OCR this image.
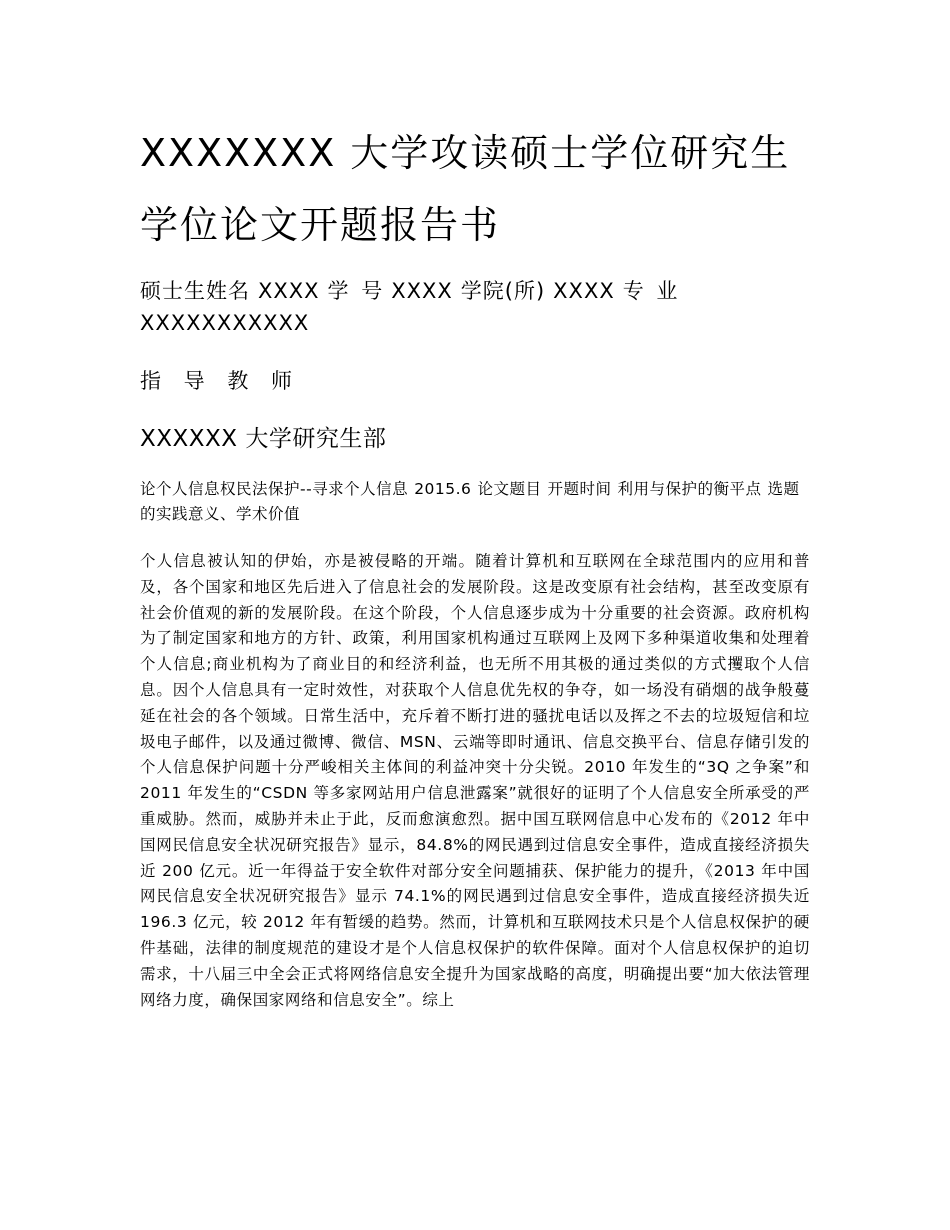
XXXXXXX 大学攻读硕士学位研究生
学位论文开题报告书
硕士生姓名 XXXX 学 号 XXXX 学院(所) XXXX 专 业
XXXXXXXXXXX
指 导 教 师
XXXXXX 大学研究生部
论个人信息权民法保护--寻求个人信息 2015.6 论文题目 开题时间 利用与保护的衡平点 选题的实践意义、学术价值

个人信息被认知的伊始，亦是被侵略的开端。随着计算机和互联网在全球范围内的应用和普及，各个国家和地区先后进入了信息社会的发展阶段。这是改变原有社会结构，甚至改变原有社会价值观的新的发展阶段。在这个阶段，个人信息逐步成为十分重要的社会资源。政府机构为了制定国家和地方的方针、政策，利用国家机构通过互联网上及网下多种渠道收集和处理着个人信息;商业机构为了商业目的和经济利益，也无所不用其极的通过类似的方式攫取个人信息。因个人信息具有一定时效性，对获取个人信息优先权的争夺，如一场没有硝烟的战争般蔓延在社会的各个领域。日常生活中，充斥着不断打进的骚扰电话以及挥之不去的垃圾短信和垃圾电子邮件，以及通过微博、微信、MSN、云端等即时通讯、信息交换平台、信息存储引发的个人信息保护问题十分严峻相关主体间的利益冲突十分尖锐。2010 年发生的“3Q 之争案”和 2011 年发生的“CSDN 等多家网站用户信息泄露案”就很好的证明了个人信息安全所承受的严重威胁。然而，威胁并未止于此，反而愈演愈烈。据中国互联网信息中心发布的《2012 年中国网民信息安全状况研究报告》显示，84.8%的网民遇到过信息安全事件，造成直接经济损失近 200 亿元。近一年得益于安全软件对部分安全问题捕获、保护能力的提升，《2013 年中国网民信息安全状况研究报告》显示 74.1%的网民遇到过信息安全事件，造成直接经济损失近196.3 亿元，较 2012 年有暂缓的趋势。然而，计算机和互联网技术只是个人信息权保护的硬件基础，法律的制度规范的建设才是个人信息权保护的软件保障。面对个人信息权保护的迫切需求，十八届三中全会正式将网络信息安全提升为国家战略的高度，明确提出要“加大依法管理网络力度，确保国家网络和信息安全”。综上
